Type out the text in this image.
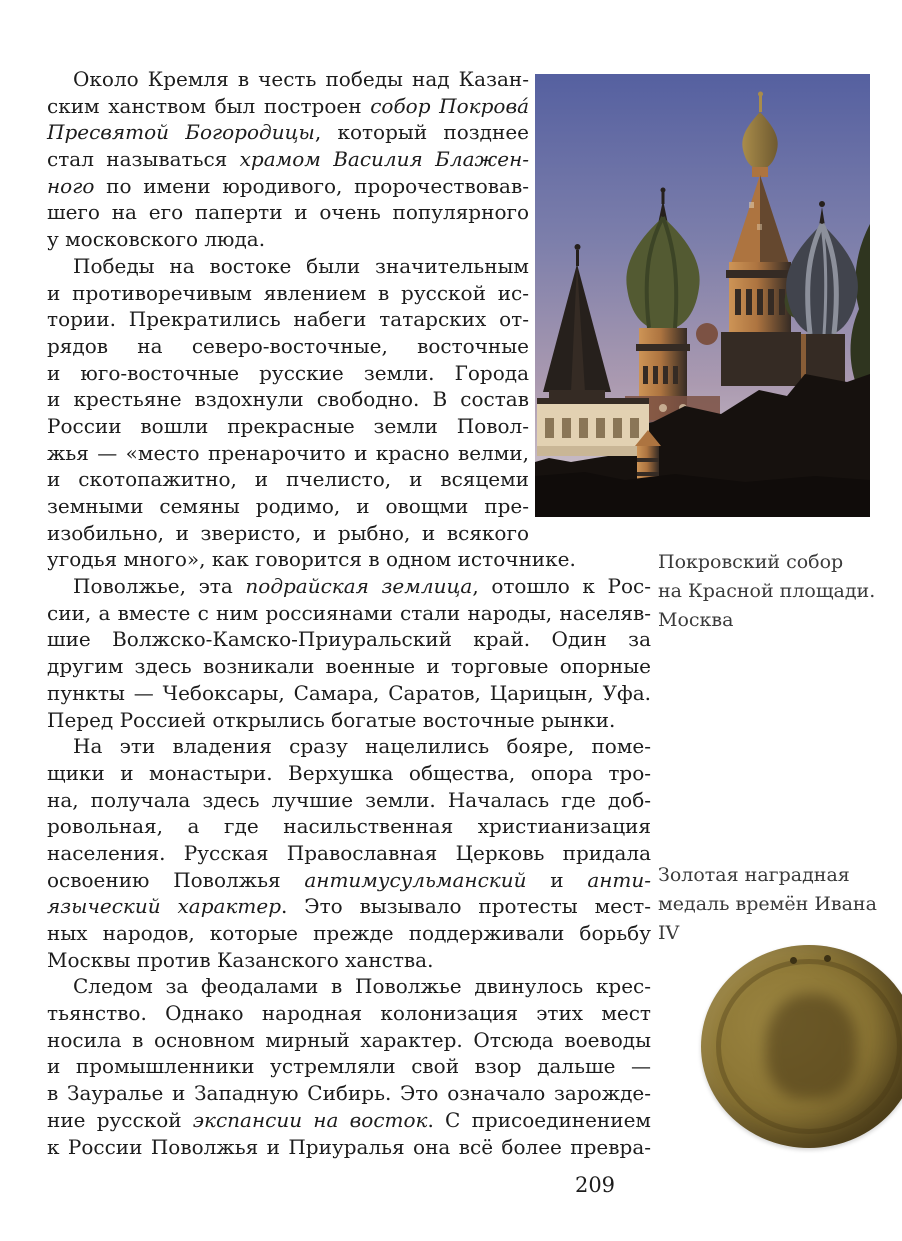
Около Кремля в честь победы над Казан-
ским ханством был построен собор Покрова́
Пресвятой Богородицы, который позднее
стал называться храмом Василия Блажен-
ного по имени юродивого, пророчествовав-
шего на его паперти и очень популярного
у московского люда.
Победы на востоке были значительным
и противоречивым явлением в русской ис-
тории. Прекратились набеги татарских от-
рядов на северо-восточные, восточные
и юго-восточные русские земли. Города
и крестьяне вздохнули свободно. В состав
России вошли прекрасные земли Повол-
жья — «место пренарочито и красно велми,
и скотопажитно, и пчелисто, и всяцеми
земными семяны родимо, и овощми пре-
изобильно, и зверисто, и рыбно, и всякого
угодья много», как говорится в одном источнике.
Поволжье, эта подрайская землица, отошло к Рос-
сии, а вместе с ним россиянами стали народы, населяв-
шие Волжско-Камско-Приуральский край. Один за
другим здесь возникали военные и торговые опорные
пункты — Чебоксары, Самара, Саратов, Царицын, Уфа.
Перед Россией открылись богатые восточные рынки.
На эти владения сразу нацелились бояре, поме-
щики и монастыри. Верхушка общества, опора тро-
на, получала здесь лучшие земли. Началась где доб-
ровольная, а где насильственная христианизация
населения. Русская Православная Церковь придала
освоению Поволжья антимусульманский и анти-
языческий характер. Это вызывало протесты мест-
ных народов, которые прежде поддерживали борьбу
Москвы против Казанского ханства.
Следом за феодалами в Поволжье двинулось крес-
тьянство. Однако народная колонизация этих мест
носила в основном мирный характер. Отсюда воеводы
и промышленники устремляли свой взор дальше —
в Зауралье и Западную Сибирь. Это означало зарожде-
ние русской экспансии на восток. С присоединением
к России Поволжья и Приуралья она всё более превра-
Покровский собор
на Красной площади.
Москва
Золотая наградная
медаль времён Ивана IV
209
